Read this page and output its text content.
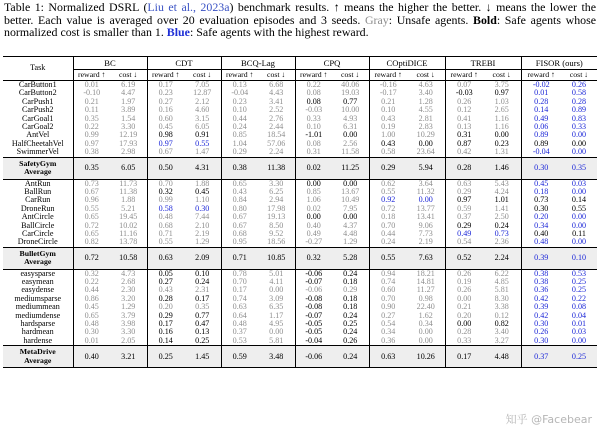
Table 1: Normalized DSRL (Liu et al., 2023a) benchmark results. ↑ means the higher the better. ↓ means the lower the better. Each value is averaged over 20 evaluation episodes and 3 seeds. Gray: Unsafe agents. Bold: Safe agents whose normalized cost is smaller than 1. Blue: Safe agents with the highest reward.
Task	BC		CDT		BCQ-Lag		CPQ		COptiDICE		TREBI		FISOR (ours)	
	reward ↑	cost ↓	reward ↑	cost ↓	reward ↑	cost ↓	reward ↑	cost ↓	reward ↑	cost ↓	reward ↑	cost ↓	reward ↑	cost ↓
CarButton1	0.01	6.19	0.17	7.05	0.13	6.68	0.22	40.06	-0.16	4.63	0.07	3.75	-0.02	0.26
CarButton2	-0.10	4.47	0.23	12.87	-0.04	4.43	0.08	19.03	-0.17	3.40	-0.03	0.97	0.01	0.58
CarPush1	0.21	1.97	0.27	2.12	0.23	3.41	0.08	0.77	0.21	1.28	0.26	1.03	0.28	0.28
CarPush2	0.11	3.89	0.16	4.60	0.10	2.52	-0.03	10.00	0.10	4.55	0.12	2.65	0.14	0.89
CarGoal1	0.35	1.54	0.60	3.15	0.44	2.76	0.33	4.93	0.43	2.81	0.41	1.16	0.49	0.83
CarGoal2	0.22	3.30	0.45	6.05	0.24	2.44	0.10	6.31	0.19	2.83	0.13	1.16	0.06	0.33
AntVel	0.99	12.19	0.98	0.91	0.85	18.54	-1.01	0.00	1.00	10.29	0.31	0.00	0.89	0.00
HalfCheetahVel	0.97	17.93	0.97	0.55	1.04	57.06	0.08	2.56	0.43	0.00	0.87	0.23	0.89	0.00
SwimmerVel	0.38	2.98	0.67	1.47	0.29	2.24	0.31	11.58	0.58	23.64	0.42	1.31	-0.04	0.00

SafetyGym
Average	0.35	6.05	0.50	4.31	0.38	11.38	0.02	11.25	0.29	5.94	0.28	1.46	0.30	0.35
AntRun	0.73	11.73	0.70	1.88	0.65	3.30	0.00	0.00	0.62	3.64	0.63	5.43	0.45	0.03
BallRun	0.67	11.38	0.32	0.45	0.43	6.25	0.85	13.67	0.55	11.32	0.29	4.24	0.18	0.00
CarRun	0.96	1.88	0.99	1.10	0.84	2.94	1.06	10.49	0.92	0.00	0.97	1.01	0.73	0.14
DroneRun	0.55	5.21	0.58	0.30	0.80	17.98	0.02	7.95	0.72	13.77	0.59	1.41	0.30	0.55
AntCircle	0.65	19.45	0.48	7.44	0.67	19.13	0.00	0.00	0.18	13.41	0.37	2.50	0.20	0.00
BallCircle	0.72	10.02	0.68	2.10	0.67	8.50	0.40	4.37	0.70	9.06	0.29	0.24	0.34	0.00
CarCircle	0.65	11.16	0.71	2.19	0.68	9.52	0.49	4.48	0.44	7.73	0.49	0.73	0.40	0.11
DroneCircle	0.82	13.78	0.55	1.29	0.95	18.56	-0.27	1.29	0.24	2.19	0.54	2.36	0.48	0.00

BulletGym
Average	0.72	10.58	0.63	2.09	0.71	10.85	0.32	5.28	0.55	7.63	0.52	2.24	0.39	0.10
easysparse	0.32	4.73	0.05	0.10	0.78	5.01	-0.06	0.24	0.94	18.21	0.26	6.22	0.38	0.53
easymean	0.22	2.68	0.27	0.24	0.70	4.11	-0.07	0.18	0.74	14.81	0.19	4.85	0.38	0.25
easydense	0.44	2.30	0.43	2.31	0.17	0.00	-0.06	0.29	0.60	11.27	0.26	5.81	0.36	0.25
mediumsparse	0.86	3.20	0.28	0.17	0.74	3.09	-0.08	0.18	0.70	0.98	0.00	8.30	0.42	0.22
mediummean	0.45	1.29	0.20	0.35	0.63	6.35	-0.08	0.18	0.90	22.40	0.21	3.38	0.39	0.08
mediumdense	0.65	3.79	0.29	0.77	0.64	1.17	-0.07	0.24	0.27	1.62	0.20	0.12	0.42	0.04
hardsparse	0.48	3.98	0.17	0.47	0.48	4.95	-0.05	0.25	0.54	0.34	0.00	0.82	0.30	0.01
hardmean	0.30	3.30	0.16	0.13	0.37	0.00	-0.05	0.24	0.34	0.00	0.28	3.40	0.26	0.03
hardense	0.01	2.05	0.14	0.25	0.53	5.81	-0.04	0.26	0.36	0.00	0.33	3.27	0.30	0.00

MetaDrive
Average	0.40	3.21	0.25	1.45	0.59	3.48	-0.06	0.24	0.63	10.26	0.17	4.48	0.37	0.25
知乎 @Facebear
